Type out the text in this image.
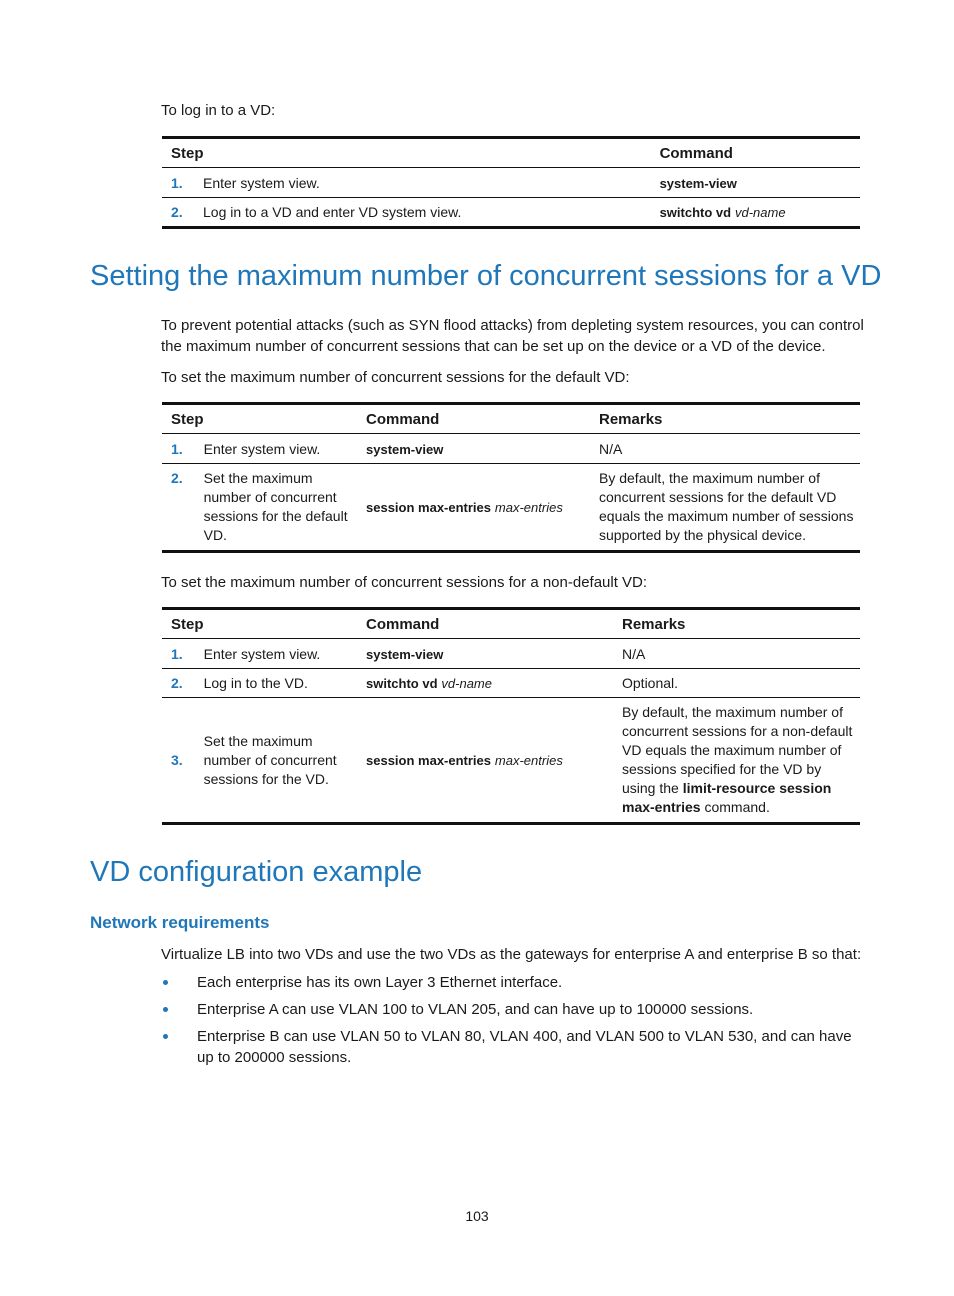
To log in to a VD:
Step		Command
1.	Enter system view.	system-view
2.	Log in to a VD and enter VD system view.	switchto vd vd-name
Setting the maximum number of concurrent sessions for a VD
To prevent potential attacks (such as SYN flood attacks) from depleting system resources, you can control the maximum number of concurrent sessions that can be set up on the device or a VD of the device.
To set the maximum number of concurrent sessions for the default VD:
Step		Command	Remarks
1.	Enter system view.	system-view	N/A
2.	Set the maximum number of concurrent sessions for the default VD.	session max-entries max-entries	By default, the maximum number of concurrent sessions for the default VD equals the maximum number of sessions supported by the physical device.
To set the maximum number of concurrent sessions for a non-default VD:
Step		Command	Remarks
1.	Enter system view.	system-view	N/A
2.	Log in to the VD.	switchto vd vd-name	Optional.
3.	Set the maximum number of concurrent sessions for the VD.	session max-entries max-entries	By default, the maximum number of concurrent sessions for a non-default VD equals the maximum number of sessions specified for the VD by using the limit-resource session max-entries command.
VD configuration example
Network requirements
Virtualize LB into two VDs and use the two VDs as the gateways for enterprise A and enterprise B so that:
Each enterprise has its own Layer 3 Ethernet interface.
Enterprise A can use VLAN 100 to VLAN 205, and can have up to 100000 sessions.
Enterprise B can use VLAN 50 to VLAN 80, VLAN 400, and VLAN 500 to VLAN 530, and can have up to 200000 sessions.
103
